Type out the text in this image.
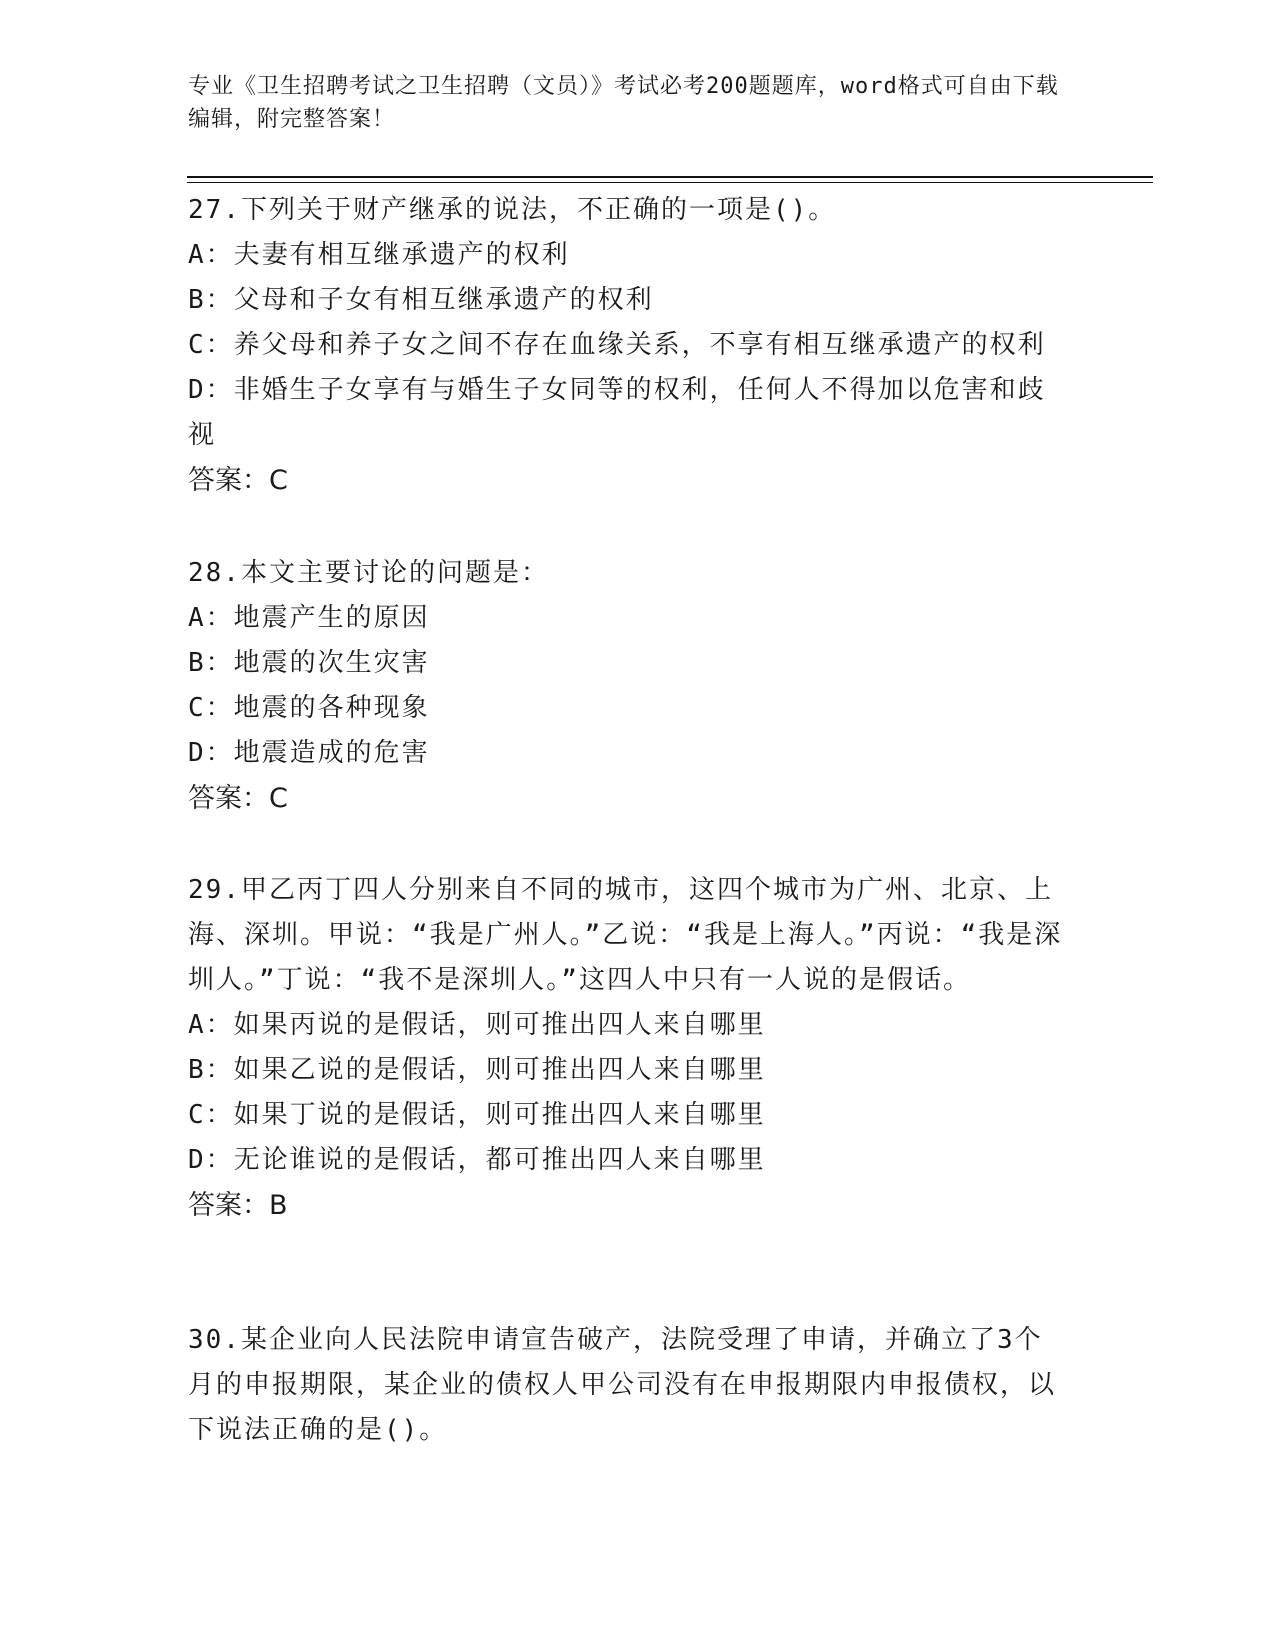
专业《卫生招聘考试之卫生招聘（文员）》考试必考200题题库，word格式可自由下载编辑，附完整答案！
27.下列关于财产继承的说法，不正确的一项是()。
A：夫妻有相互继承遗产的权利
B：父母和子女有相互继承遗产的权利
C：养父母和养子女之间不存在血缘关系，不享有相互继承遗产的权利
D：非婚生子女享有与婚生子女同等的权利，任何人不得加以危害和歧视
答案：C
28.本文主要讨论的问题是：
A：地震产生的原因
B：地震的次生灾害
C：地震的各种现象
D：地震造成的危害
答案：C
29.甲乙丙丁四人分别来自不同的城市，这四个城市为广州、北京、上海、深圳。甲说：“我是广州人。”乙说：“我是上海人。”丙说：“我是深圳人。”丁说：“我不是深圳人。”这四人中只有一人说的是假话。
A：如果丙说的是假话，则可推出四人来自哪里
B：如果乙说的是假话，则可推出四人来自哪里
C：如果丁说的是假话，则可推出四人来自哪里
D：无论谁说的是假话，都可推出四人来自哪里
答案：B
30.某企业向人民法院申请宣告破产，法院受理了申请，并确立了3个月的申报期限，某企业的债权人甲公司没有在申报期限内申报债权，以下说法正确的是()。
